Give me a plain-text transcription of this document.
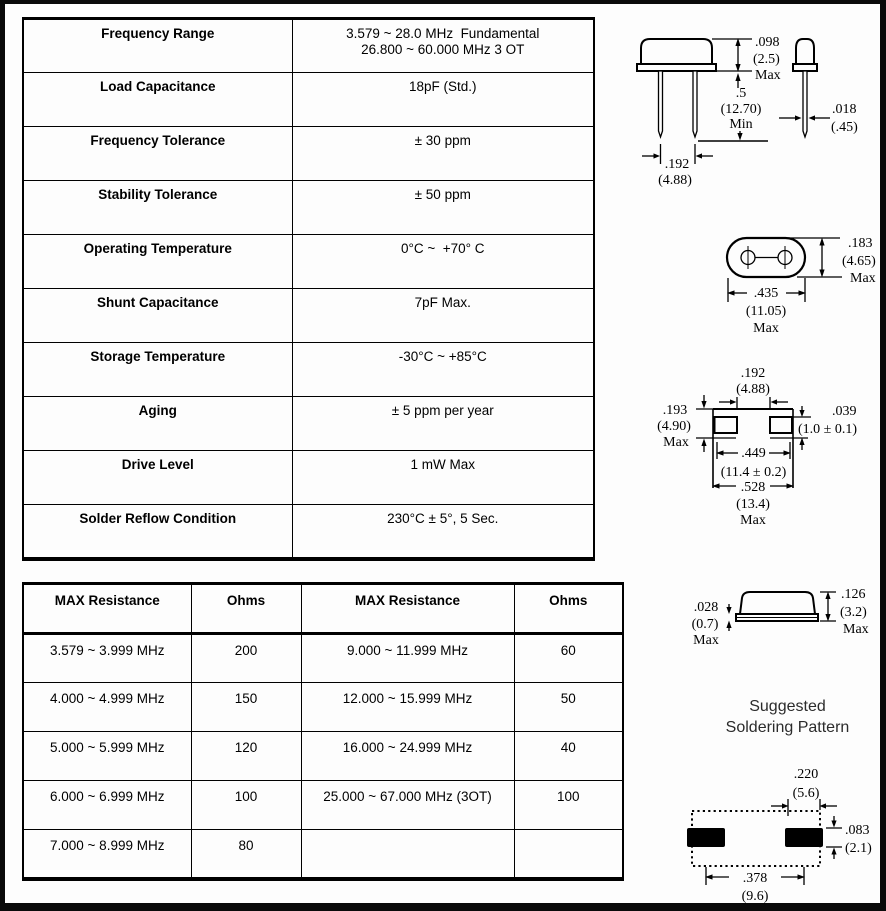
Frequency Range	3.579 ~ 28.0 MHz  Fundamental
26.800 ~ 60.000 MHz 3 OT

Load Capacitance	18pF (Std.)
Frequency Tolerance	± 30 ppm
Stability Tolerance	± 50 ppm
Operating Temperature	0°C ~  +70° C
Shunt Capacitance	7pF Max.
Storage Temperature	-30°C ~ +85°C
Aging	± 5 ppm per year
Drive Level	1 mW Max
Solder Reflow Condition	230°C ± 5°, 5 Sec.
MAX Resistance	Ohms	MAX Resistance	Ohms
3.579 ~ 3.999 MHz	200	9.000 ~ 11.999 MHz	60
4.000 ~ 4.999 MHz	150	12.000 ~ 15.999 MHz	50
5.000 ~ 5.999 MHz	120	16.000 ~ 24.999 MHz	40
6.000 ~ 6.999 MHz	100	25.000 ~ 67.000 MHz (3OT)	100
7.000 ~ 8.999 MHz	80		
.098
(2.5)
Max
.5
(12.70)
Min
.192
(4.88)
.018
(.45)
.183
(4.65)
Max
.435
(11.05)
Max
.192
(4.88)
.193
(4.90)
Max
.039
(1.0 ± 0.1)
.449
(11.4 ± 0.2)
.528
(13.4)
Max
.028
(0.7)
Max
.126
(3.2)
Max
Suggested
Soldering Pattern
.220
(5.6)
.083
(2.1)
.378
(9.6)
